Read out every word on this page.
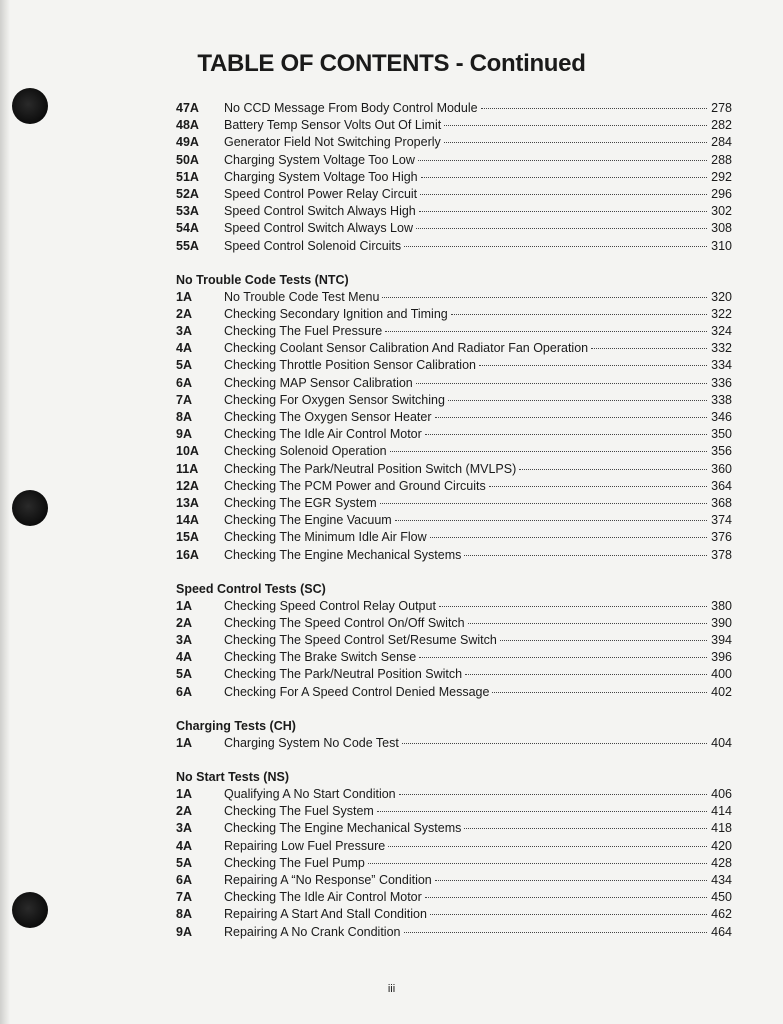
TABLE OF CONTENTS - Continued
47A	No CCD Message From Body Control Module	278
48A	Battery Temp Sensor Volts Out Of Limit	282
49A	Generator Field Not Switching Properly	284
50A	Charging System Voltage Too Low	288
51A	Charging System Voltage Too High	292
52A	Speed Control Power Relay Circuit	296
53A	Speed Control Switch Always High	302
54A	Speed Control Switch Always Low	308
55A	Speed Control Solenoid Circuits	310
No Trouble Code Tests (NTC)
1A	No Trouble Code Test Menu	320
2A	Checking Secondary Ignition and Timing	322
3A	Checking The Fuel Pressure	324
4A	Checking Coolant Sensor Calibration And Radiator Fan Operation	332
5A	Checking Throttle Position Sensor Calibration	334
6A	Checking MAP Sensor Calibration	336
7A	Checking For Oxygen Sensor Switching	338
8A	Checking The Oxygen Sensor Heater	346
9A	Checking The Idle Air Control Motor	350
10A	Checking Solenoid Operation	356
11A	Checking The Park/Neutral Position Switch (MVLPS)	360
12A	Checking The PCM Power and Ground Circuits	364
13A	Checking The EGR System	368
14A	Checking The Engine Vacuum	374
15A	Checking The Minimum Idle Air Flow	376
16A	Checking The Engine Mechanical Systems	378
Speed Control Tests (SC)
1A	Checking Speed Control Relay Output	380
2A	Checking The Speed Control On/Off Switch	390
3A	Checking The Speed Control Set/Resume Switch	394
4A	Checking The Brake Switch Sense	396
5A	Checking The Park/Neutral Position Switch	400
6A	Checking For A Speed Control Denied Message	402
Charging Tests (CH)
1A	Charging System No Code Test	404
No Start Tests (NS)
1A	Qualifying A No Start Condition	406
2A	Checking The Fuel System	414
3A	Checking The Engine Mechanical Systems	418
4A	Repairing Low Fuel Pressure	420
5A	Checking The Fuel Pump	428
6A	Repairing A “No Response” Condition	434
7A	Checking The Idle Air Control Motor	450
8A	Repairing A Start And Stall Condition	462
9A	Repairing A No Crank Condition	464
iii
